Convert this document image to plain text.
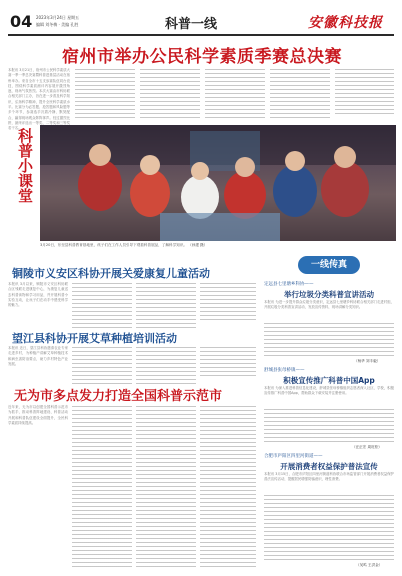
04 2023年3月24日 星期五
编辑 刘冬梅 · 美编 孔胜	科普一线	安徽科技报
宿州市举办公民科学素质季赛总决赛
本报讯 3月21日，宿州市公民科学素质大赛一季一季总决赛暨科普进基层活动在宿州举办。来自全市十五支参赛队伍同台竞技，围绕科学素质测评内容展开激烈角逐，现场气氛热烈。本次大赛由市科协联合相关部门主办，旨在进一步普及科学知识，弘扬科学精神，提升全民科学素质水平。比赛分为必答题、抢答题和风险题等多个环节，参赛选手沉着冷静、默契配合，赢得现场观众阵阵掌声。经过激烈比拼，最终评选出一等奖、二等奖和三等奖若干名。
科普小课堂
3月20日，东至县科普教育基地里，孩子们在工作人员引导下观看科普展品，了解科学知识。 （孙建 摄）
铜陵市义安区科协开展关爱康复儿童活动
本报讯 3月以来，铜陵市义安区科协联合区残联走进康复中心，为康复儿童送去科普读物和学习用品，并开展科普小实验互动，让孩子们在动手中感受科学的魅力。
望江县科协开展艾草种植培训活动
本报讯 近日，望江县科协邀请农业专家走进乡村，为种植户讲解艾草种植技术和病虫害防治要点，助力乡村特色产业发展。
无为市多点发力打造全国科普示范市
近年来，无为市以创建全国科普示范市为抓手，推动科普阵地建设、科普活动开展和科普队伍建设全面提升，全民科学素质持续提高。
一线传真
定远县七里塘乡科协——
举行垃圾分类科普宣讲活动
本报讯 为进一步提升群众垃圾分类意识，定远县七里塘乡科协联合相关部门走进村组，开展垃圾分类科普宣讲活动，发放宣传资料，现场讲解分类知识。
（杨华 刘丰毅）
舒城县张母桥镇——
积极宣传推广科普中国App
本报讯 为深入推进科普信息化建设，舒城县张母桥镇组织志愿者深入社区、学校，积极宣传推广科普中国App，帮助群众下载安装并注册使用。
（汪正宏 周旺松）
合肥市庐阳区四里河街道——
开展消费者权益保护普法宣传
本报讯 3月15日，合肥市庐阳区四里河街道科协联合市场监管部门开展消费者权益保护普法宣传活动，提醒居民增强防骗意识，理性消费。
（吴鸣 王洪金）
